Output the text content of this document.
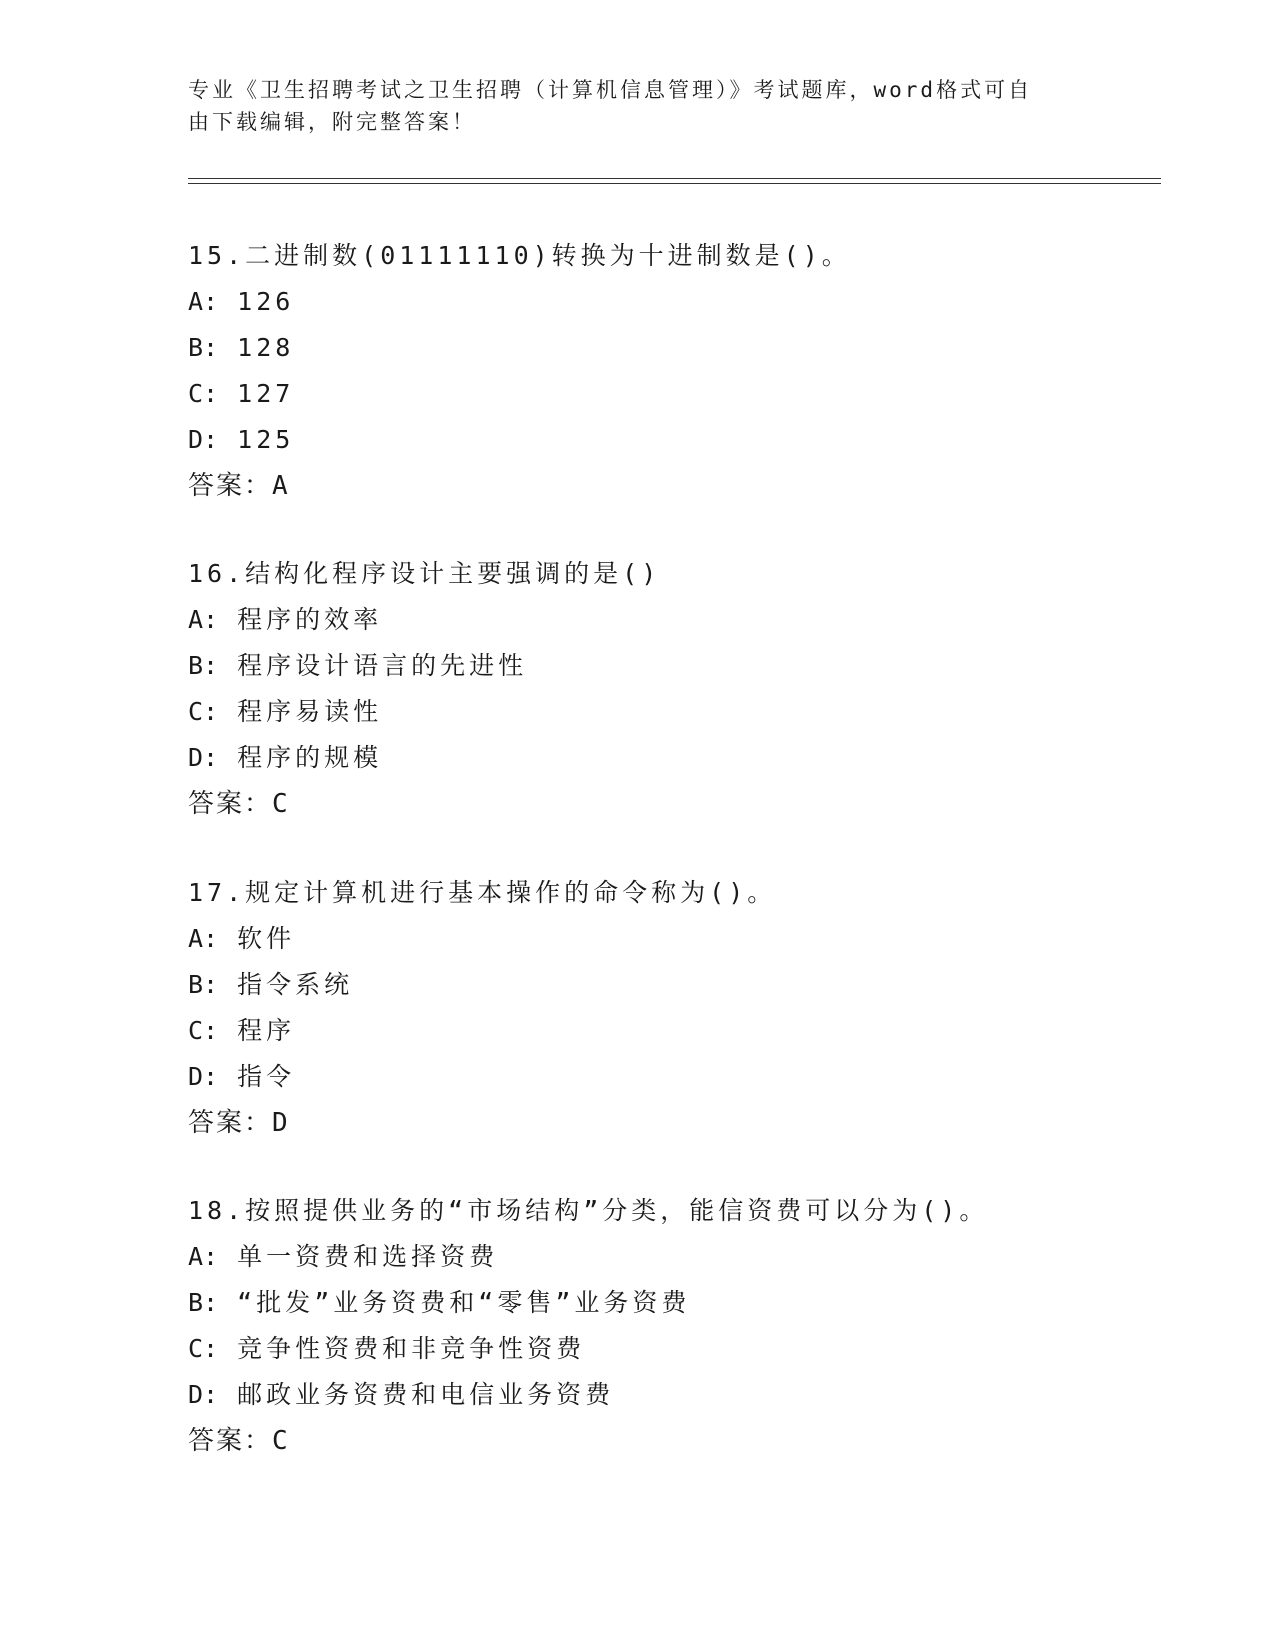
专业《卫生招聘考试之卫生招聘（计算机信息管理）》考试题库，word格式可自
由下载编辑，附完整答案！
15.二进制数(01111110)转换为十进制数是()。
A: 126
B: 128
C: 127
D: 125
答案：A
16.结构化程序设计主要强调的是()
A: 程序的效率
B: 程序设计语言的先进性
C: 程序易读性
D: 程序的规模
答案：C
17.规定计算机进行基本操作的命令称为()。
A: 软件
B: 指令系统
C: 程序
D: 指令
答案：D
18.按照提供业务的“市场结构”分类，能信资费可以分为()。
A: 单一资费和选择资费
B: “批发”业务资费和“零售”业务资费
C: 竞争性资费和非竞争性资费
D: 邮政业务资费和电信业务资费
答案：C
